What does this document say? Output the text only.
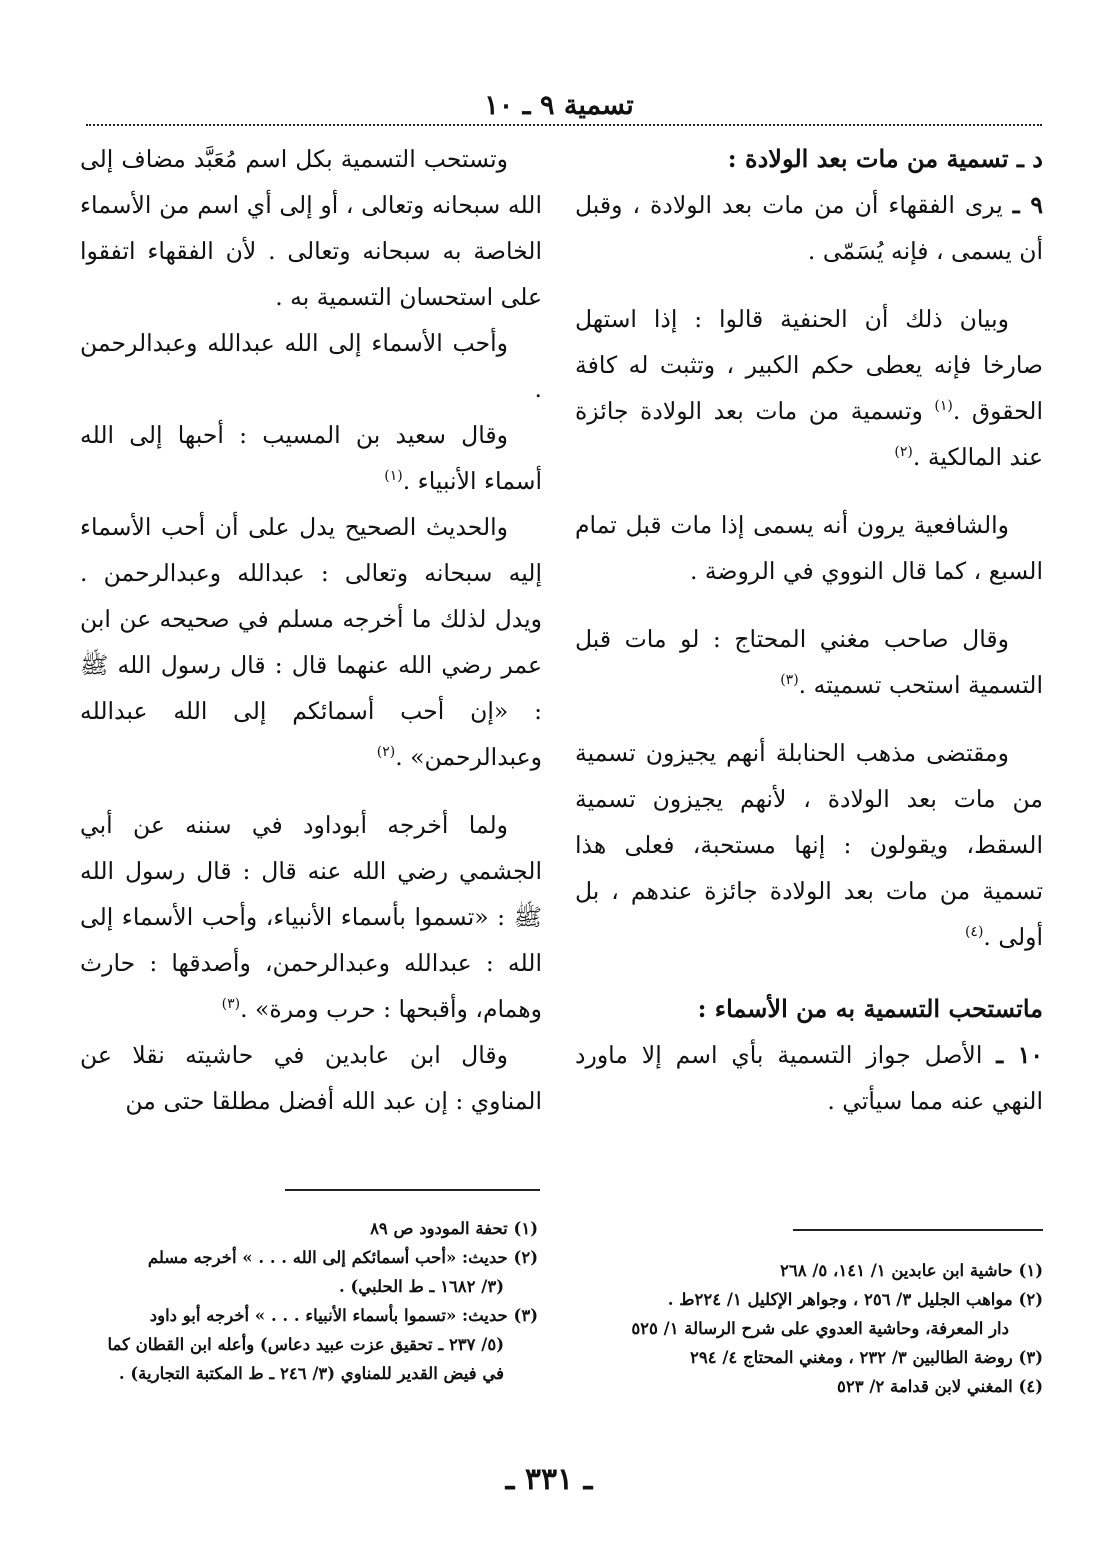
تسمية ٩ ـ ١٠
د ـ تسمية من مات بعد الولادة :

٩ ـ يرى الفقهاء أن من مات بعد الولادة ، وقبل أن يسمى ، فإنه يُسَمّى .

وبيان ذلك أن الحنفية قالوا : إذا استهل صارخا فإنه يعطى حكم الكبير ، وتثبت له كافة الحقوق .$^{(١)}$ وتسمية من مات بعد الولادة جائزة عند المالكية .$^{(٢)}$

والشافعية يرون أنه يسمى إذا مات قبل تمام السبع ، كما قال النووي في الروضة .

وقال صاحب مغني المحتاج : لو مات قبل التسمية استحب تسميته .$^{(٣)}$

ومقتضى مذهب الحنابلة أنهم يجيزون تسمية من مات بعد الولادة ، لأنهم يجيزون تسمية السقط، ويقولون : إنها مستحبة، فعلى هذا تسمية من مات بعد الولادة جائزة عندهم ، بل أولى .$^{(٤)}$

ماتستحب التسمية به من الأسماء :

١٠ ـ الأصل جواز التسمية بأي اسم إلا ماورد النهي عنه مما سيأتي .

وتستحب التسمية بكل اسم مُعَبَّد مضاف إلى الله سبحانه وتعالى ، أو إلى أي اسم من الأسماء الخاصة به سبحانه وتعالى . لأن الفقهاء اتفقوا على استحسان التسمية به .

وأحب الأسماء إلى الله عبدالله وعبدالرحمن .

وقال سعيد بن المسيب : أحبها إلى الله أسماء الأنبياء .$^{(١)}$

والحديث الصحيح يدل على أن أحب الأسماء إليه سبحانه وتعالى : عبدالله وعبدالرحمن . ويدل لذلك ما أخرجه مسلم في صحيحه عن ابن عمر رضي الله عنهما قال : قال رسول الله ﷺ : «إن أحب أسمائكم إلى الله عبدالله وعبدالرحمن» .$^{(٢)}$

ولما أخرجه أبوداود في سننه عن أبي الجشمي رضي الله عنه قال : قال رسول الله ﷺ : «تسموا بأسماء الأنبياء، وأحب الأسماء إلى الله : عبدالله وعبدالرحمن، وأصدقها : حارث وهمام، وأقبحها : حرب ومرة» .$^{(٣)}$

وقال ابن عابدين في حاشيته نقلا عن المناوي : إن عبد الله أفضل مطلقا حتى من

(١) حاشية ابن عابدين ١/ ١٤١، ٥/ ٢٦٨

(٢) مواهب الجليل ٣/ ٢٥٦ ، وجواهر الإكليل ١/ ٢٢٤ط .

دار المعرفة، وحاشية العدوي على شرح الرسالة ١/ ٥٢٥

(٣) روضة الطالبين ٣/ ٢٣٢ ، ومغني المحتاج ٤/ ٢٩٤

(٤) المغني لابن قدامة ٢/ ٥٢٣

(١) تحفة المودود ص ٨٩

(٢) حديث: «أحب أسمائكم إلى الله . . . » أخرجه مسلم

(٣/ ١٦٨٢ ـ ط الحلبي) .

(٣) حديث: «تسموا بأسماء الأنبياء . . . » أخرجه أبو داود

(٥/ ٢٣٧ ـ تحقيق عزت عبيد دعاس) وأعله ابن القطان كما

في فيض القدير للمناوي (٣/ ٢٤٦ ـ ط المكتبة التجارية) .

ـ ٣٣١ ـ
